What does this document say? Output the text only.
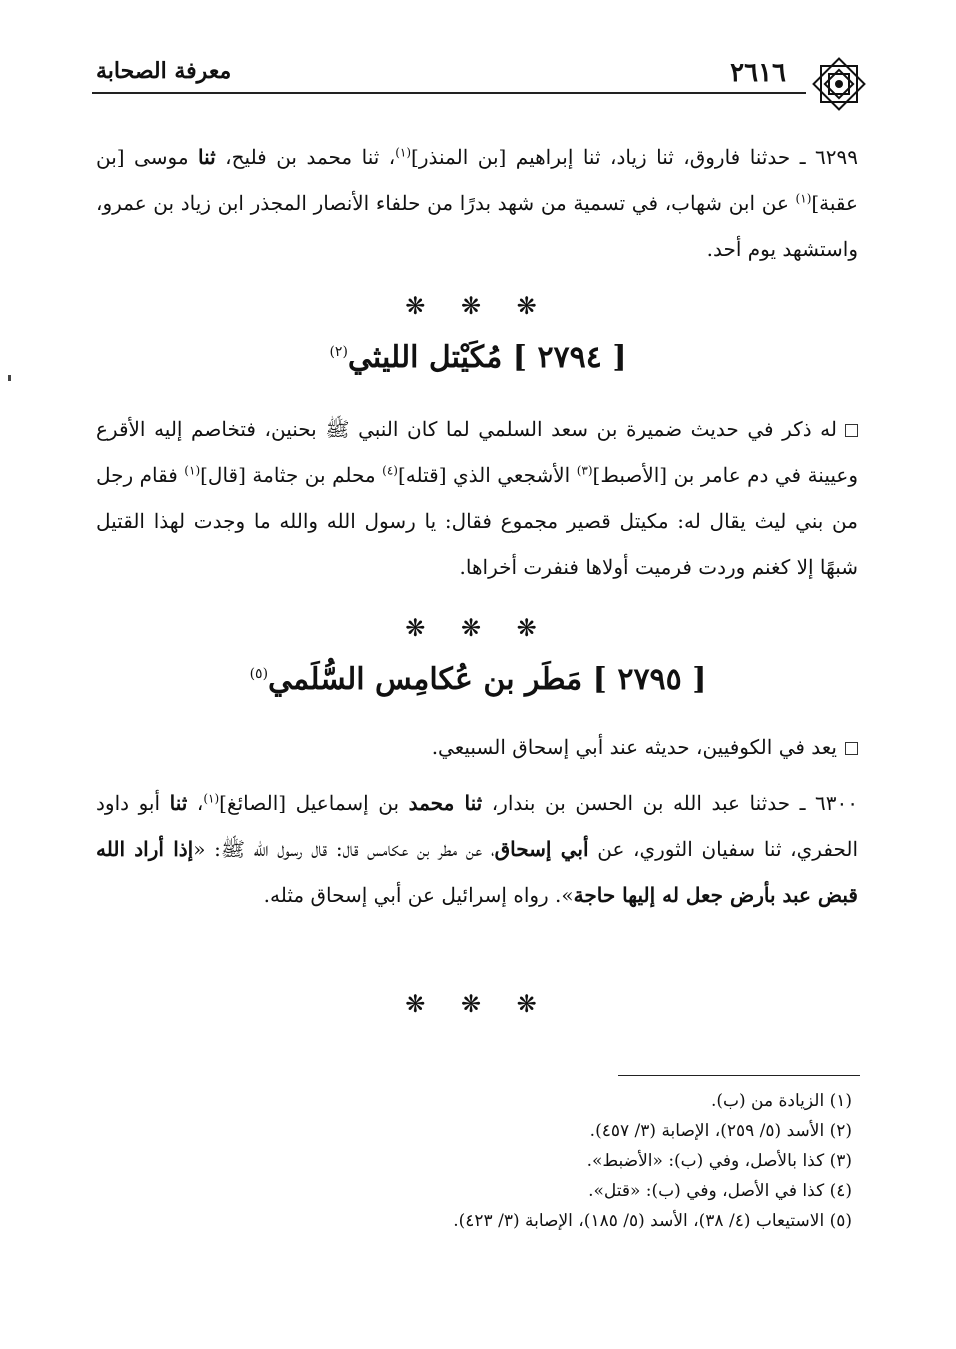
٢٦١٦
معرفة الصحابة
٦٢٩٩ ـ حدثنا فاروق، ثنا زياد، ثنا إبراهيم [بن المنذر]$^{(١)}$، ثنا محمد بن فليح، ثنا موسى [بن عقبة]$^{(١)}$ عن ابن شهاب، في تسمية من شهد بدرًا من حلفاء الأنصار المجذر ابن زياد بن عمرو، واستشهد يوم أحد.
❋ ❋ ❋
[ ٢٧٩٤ ] مُكَيْتل الليثي$^{(٢)}$
له ذكر في حديث ضميرة بن سعد السلمي لما كان النبي ﷺ بحنين، فتخاصم إليه الأقرع وعيينة في دم عامر بن [الأصبط]$^{(٣)}$ الأشجعي الذي [قتله]$^{(٤)}$ محلم بن جثامة [قال]$^{(١)}$ فقام رجل من بني ليث يقال له: مكيتل قصير مجموع فقال: يا رسول الله والله ما وجدت لهذا القتيل شبهًا إلا كغنم وردت فرميت أولاها فنفرت أخراها.
❋ ❋ ❋
[ ٢٧٩٥ ] مَطَر بن عُكامِس السُّلَمي$^{(٥)}$
يعد في الكوفيين، حديثه عند أبي إسحاق السبيعي.
٦٣٠٠ ـ حدثنا عبد الله بن الحسن بن بندار، ثنا محمد بن إسماعيل [الصائغ]$^{(١)}$، ثنا أبو داود الحفري، ثنا سفيان الثوري، عن أبي إسحاق، عن مطر بن عكامس قال: قال رسول الله ﷺ: «إذا أراد الله قبض عبد بأرض جعل له إليها حاجة». رواه إسرائيل عن أبي إسحاق مثله.
❋ ❋ ❋
(١) الزيادة من (ب).
(٢) الأسد (٥/ ٢٥٩)، الإصابة (٣/ ٤٥٧).
(٣) كذا بالأصل، وفي (ب): «الأضبط».
(٤) كذا في الأصل، وفي (ب): «قتل».
(٥) الاستيعاب (٤/ ٣٨)، الأسد (٥/ ١٨٥)، الإصابة (٣/ ٤٢٣).
